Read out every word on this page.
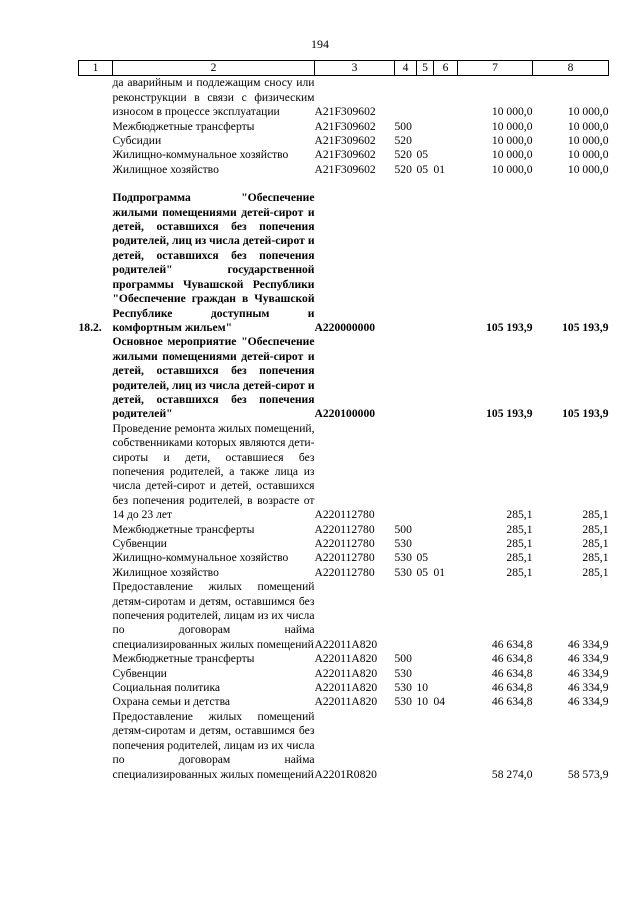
194
1	2	3	4	5	6	7	8
	да аварийным и подлежащим сносу или реконструкции в связи с физическим износом в процессе эксплуатации	A21F309602				10 000,0	10 000,0
	Межбюджетные трансферты	A21F309602	500			10 000,0	10 000,0
	Субсидии	A21F309602	520			10 000,0	10 000,0
	Жилищно-коммунальное хозяйство	A21F309602	520	05		10 000,0	10 000,0
	Жилищное хозяйство	A21F309602	520	05	01	10 000,0	10 000,0

18.2.	Подпрограмма "Обеспечение жилыми помещениями детей-сирот и детей, оставшихся без попечения родителей, лиц из числа детей-сирот и детей, оставшихся без попечения родителей" государственной программы Чувашской Республики "Обеспечение граждан в Чувашской Республике доступным и комфортным жильем"	A220000000				105 193,9	105 193,9
	Основное мероприятие "Обеспечение жилыми помещениями детей-сирот и детей, оставшихся без попечения родителей, лиц из числа детей-сирот и детей, оставшихся без попечения родителей"	A220100000				105 193,9	105 193,9
	Проведение ремонта жилых помещений, собственниками которых являются дети-сироты и дети, оставшиеся без попечения родителей, а также лица из числа детей-сирот и детей, оставшихся без попечения родителей, в возрасте от 14 до 23 лет	A220112780				285,1	285,1
	Межбюджетные трансферты	A220112780	500			285,1	285,1
	Субвенции	A220112780	530			285,1	285,1
	Жилищно-коммунальное хозяйство	A220112780	530	05		285,1	285,1
	Жилищное хозяйство	A220112780	530	05	01	285,1	285,1
	Предоставление жилых помещений детям-сиротам и детям, оставшимся без попечения родителей, лицам из их числа по договорам найма специализированных жилых помещений	A22011A820				46 634,8	46 334,9
	Межбюджетные трансферты	A22011A820	500			46 634,8	46 334,9
	Субвенции	A22011A820	530			46 634,8	46 334,9
	Социальная политика	A22011A820	530	10		46 634,8	46 334,9
	Охрана семьи и детства	A22011A820	530	10	04	46 634,8	46 334,9
	Предоставление жилых помещений детям-сиротам и детям, оставшимся без попечения родителей, лицам из их числа по договорам найма специализированных жилых помещений	A2201R0820				58 274,0	58 573,9
